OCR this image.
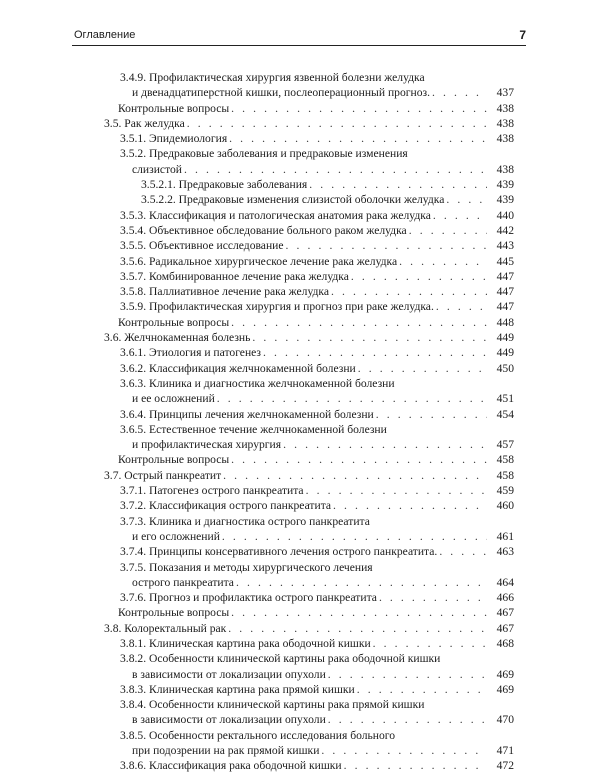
Оглавление	7
3.4.9. Профилактическая хирургия язвенной болезни желудка
и двенадцатиперстной кишки, послеоперационный прогноз. . . .	437
Контрольные вопросы . . .	438
3.5. Рак желудка . . .	438
3.5.1. Эпидемиология . . .	438
3.5.2. Предраковые заболевания и предраковые изменения
слизистой . . .	438
3.5.2.1. Предраковые заболевания . . .	439
3.5.2.2. Предраковые изменения слизистой оболочки желудка . . .	439
3.5.3. Классификация и патологическая анатомия рака желудка . . .	440
3.5.4. Объективное обследование больного раком желудка . . .	442
3.5.5. Объективное исследование . . .	443
3.5.6. Радикальное хирургическое лечение рака желудка . . .	445
3.5.7. Комбинированное лечение рака желудка . . .	447
3.5.8. Паллиативное лечение рака желудка . . .	447
3.5.9. Профилактическая хирургия и прогноз при раке желудка. . . .	447
Контрольные вопросы . . .	448
3.6. Желчнокаменная болезнь . . .	449
3.6.1. Этиология и патогенез . . .	449
3.6.2. Классификация желчнокаменной болезни . . .	450
3.6.3. Клиника и диагностика желчнокаменной болезни
и ее осложнений . . .	451
3.6.4. Принципы лечения желчнокаменной болезни . . .	454
3.6.5. Естественное течение желчнокаменной болезни
и профилактическая хирургия . . .	457
Контрольные вопросы . . .	458
3.7. Острый панкреатит . . .	458
3.7.1. Патогенез острого панкреатита . . .	459
3.7.2. Классификация острого панкреатита . . .	460
3.7.3. Клиника и диагностика острого панкреатита
и его осложнений . . .	461
3.7.4. Принципы консервативного лечения острого панкреатита. . . .	463
3.7.5. Показания и методы хирургического лечения
острого панкреатита . . .	464
3.7.6. Прогноз и профилактика острого панкреатита . . .	466
Контрольные вопросы . . .	467
3.8. Колоректальный рак . . .	467
3.8.1. Клиническая картина рака ободочной кишки . . .	468
3.8.2. Особенности клинической картины рака ободочной кишки
в зависимости от локализации опухоли . . .	469
3.8.3. Клиническая картина рака прямой кишки . . .	469
3.8.4. Особенности клинической картины рака прямой кишки
в зависимости от локализации опухоли . . .	470
3.8.5. Особенности ректального исследования больного
при подозрении на рак прямой кишки . . .	471
3.8.6. Классификация рака ободочной кишки . . .	472
